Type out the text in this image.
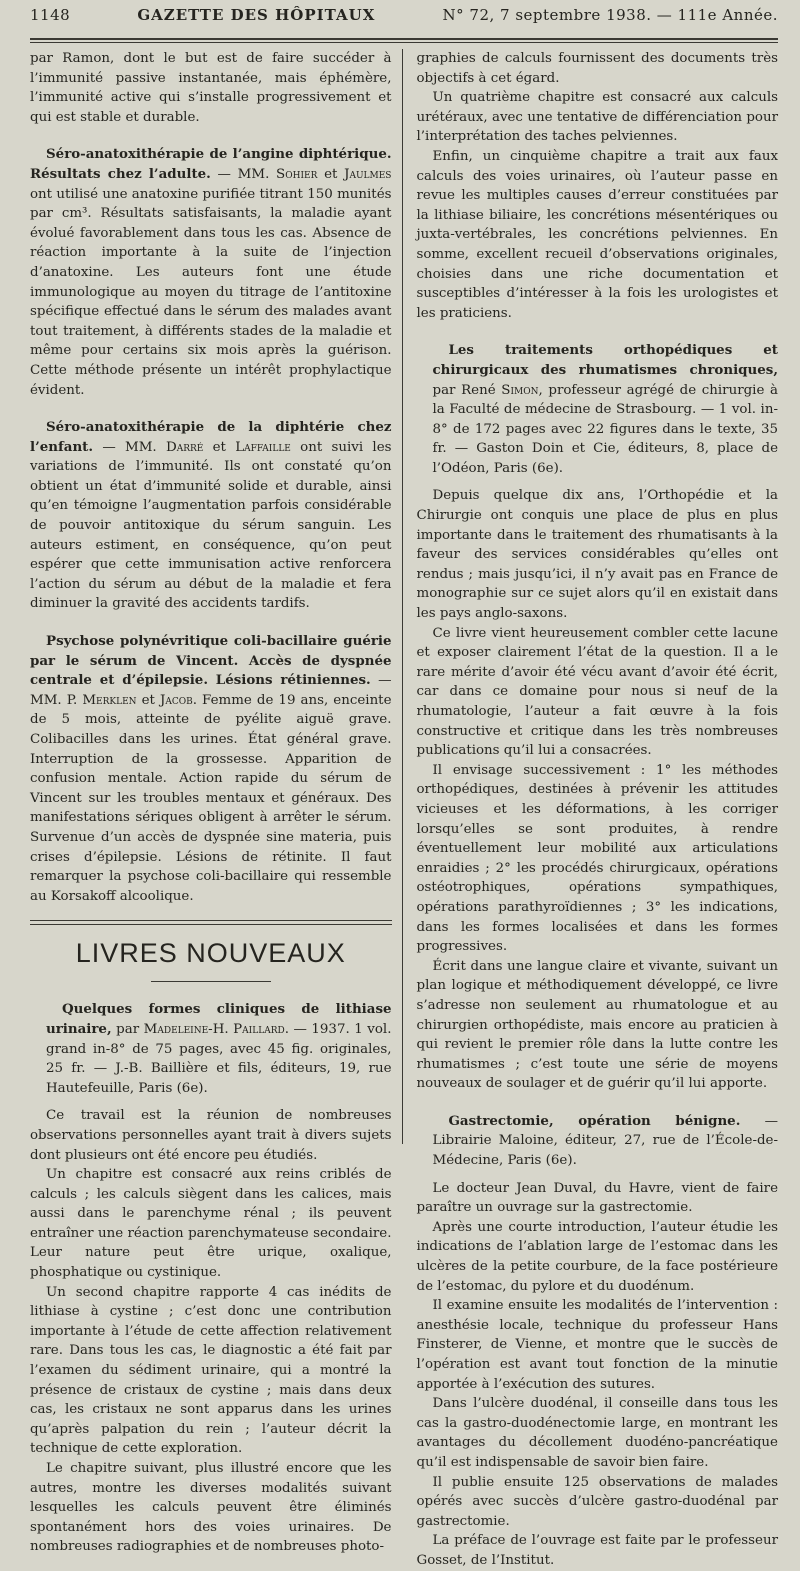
1148	GAZETTE DES HÔPITAUX	N° 72, 7 septembre 1938. — 111e Année.

par Ramon, dont le but est de faire succéder à l’immunité passive instantanée, mais éphémère, l’immunité active qui s’installe progressivement et qui est stable et durable.

Séro-anatoxithérapie de l’angine diphtérique. Résultats chez l’adulte. — MM. Sohier et Jaulmes ont utilisé une anatoxine purifiée titrant 150 munités par cm³. Résultats satisfaisants, la maladie ayant évolué favorablement dans tous les cas. Absence de réaction importante à la suite de l’injection d’anatoxine. Les auteurs font une étude immunologique au moyen du titrage de l’antitoxine spécifique effectué dans le sérum des malades avant tout traitement, à différents stades de la maladie et même pour certains six mois après la guérison. Cette méthode présente un intérêt prophylactique évident.

Séro-anatoxithérapie de la diphtérie chez l’enfant. — MM. Darré et Laffaille ont suivi les variations de l’immunité. Ils ont constaté qu’on obtient un état d’immunité solide et durable, ainsi qu’en témoigne l’augmentation parfois considérable de pouvoir antitoxique du sérum sanguin. Les auteurs estiment, en conséquence, qu’on peut espérer que cette immunisation active renforcera l’action du sérum au début de la maladie et fera diminuer la gravité des accidents tardifs.

Psychose polynévritique coli-bacillaire guérie par le sérum de Vincent. Accès de dyspnée centrale et d’épilepsie. Lésions rétiniennes. — MM. P. Merklen et Jacob. Femme de 19 ans, enceinte de 5 mois, atteinte de pyélite aiguë grave. Colibacilles dans les urines. État général grave. Interruption de la grossesse. Apparition de confusion mentale. Action rapide du sérum de Vincent sur les troubles mentaux et généraux. Des manifestations sériques obligent à arrêter le sérum. Survenue d’un accès de dyspnée sine materia, puis crises d’épilepsie. Lésions de rétinite. Il faut remarquer la psychose coli-bacillaire qui ressemble au Korsakoff alcoolique.

LIVRES NOUVEAUX

Quelques formes cliniques de lithiase urinaire, par Madeleine-H. Paillard. — 1937. 1 vol. grand in-8° de 75 pages, avec 45 fig. originales, 25 fr. — J.-B. Baillière et fils, éditeurs, 19, rue Hautefeuille, Paris (6e).

Ce travail est la réunion de nombreuses observations personnelles ayant trait à divers sujets dont plusieurs ont été encore peu étudiés.

Un chapitre est consacré aux reins criblés de calculs ; les calculs siègent dans les calices, mais aussi dans le parenchyme rénal ; ils peuvent entraîner une réaction parenchymateuse secondaire. Leur nature peut être urique, oxalique, phosphatique ou cystinique.

Un second chapitre rapporte 4 cas inédits de lithiase à cystine ; c’est donc une contribution importante à l’étude de cette affection relativement rare. Dans tous les cas, le diagnostic a été fait par l’examen du sédiment urinaire, qui a montré la présence de cristaux de cystine ; mais dans deux cas, les cristaux ne sont apparus dans les urines qu’après palpation du rein ; l’auteur décrit la technique de cette exploration.

Le chapitre suivant, plus illustré encore que les autres, montre les diverses modalités suivant lesquelles les calculs peuvent être éliminés spontanément hors des voies urinaires. De nombreuses radiographies et de nombreuses photo-

graphies de calculs fournissent des documents très objectifs à cet égard.

Un quatrième chapitre est consacré aux calculs urétéraux, avec une tentative de différenciation pour l’interprétation des taches pelviennes.

Enfin, un cinquième chapitre a trait aux faux calculs des voies urinaires, où l’auteur passe en revue les multiples causes d’erreur constituées par la lithiase biliaire, les concrétions mésentériques ou juxta-vertébrales, les concrétions pelviennes. En somme, excellent recueil d’observations originales, choisies dans une riche documentation et susceptibles d’intéresser à la fois les urologistes et les praticiens.

Les traitements orthopédiques et chirurgicaux des rhumatismes chroniques, par René Simon, professeur agrégé de chirurgie à la Faculté de médecine de Strasbourg. — 1 vol. in-8° de 172 pages avec 22 figures dans le texte, 35 fr. — Gaston Doin et Cie, éditeurs, 8, place de l’Odéon, Paris (6e).

Depuis quelque dix ans, l’Orthopédie et la Chirurgie ont conquis une place de plus en plus importante dans le traitement des rhumatisants à la faveur des services considérables qu’elles ont rendus ; mais jusqu’ici, il n’y avait pas en France de monographie sur ce sujet alors qu’il en existait dans les pays anglo-saxons.

Ce livre vient heureusement combler cette lacune et exposer clairement l’état de la question. Il a le rare mérite d’avoir été vécu avant d’avoir été écrit, car dans ce domaine pour nous si neuf de la rhumatologie, l’auteur a fait œuvre à la fois constructive et critique dans les très nombreuses publications qu’il lui a consacrées.

Il envisage successivement : 1° les méthodes orthopédiques, destinées à prévenir les attitudes vicieuses et les déformations, à les corriger lorsqu’elles se sont produites, à rendre éventuellement leur mobilité aux articulations enraidies ; 2° les procédés chirurgicaux, opérations ostéotrophiques, opérations sympathiques, opérations parathyroïdiennes ; 3° les indications, dans les formes localisées et dans les formes progressives.

Écrit dans une langue claire et vivante, suivant un plan logique et méthodiquement développé, ce livre s’adresse non seulement au rhumatologue et au chirurgien orthopédiste, mais encore au praticien à qui revient le premier rôle dans la lutte contre les rhumatismes ; c’est toute une série de moyens nouveaux de soulager et de guérir qu’il lui apporte.

Gastrectomie, opération bénigne. — Librairie Maloine, éditeur, 27, rue de l’École-de-Médecine, Paris (6e).

Le docteur Jean Duval, du Havre, vient de faire paraître un ouvrage sur la gastrectomie.

Après une courte introduction, l’auteur étudie les indications de l’ablation large de l’estomac dans les ulcères de la petite courbure, de la face postérieure de l’estomac, du pylore et du duodénum.

Il examine ensuite les modalités de l’intervention : anesthésie locale, technique du professeur Hans Finsterer, de Vienne, et montre que le succès de l’opération est avant tout fonction de la minutie apportée à l’exécution des sutures.

Dans l’ulcère duodénal, il conseille dans tous les cas la gastro-duodénectomie large, en montrant les avantages du décollement duodéno-pancréatique qu’il est indispensable de savoir bien faire.

Il publie ensuite 125 observations de malades opérés avec succès d’ulcère gastro-duodénal par gastrectomie.

La préface de l’ouvrage est faite par le professeur Gosset, de l’Institut.
